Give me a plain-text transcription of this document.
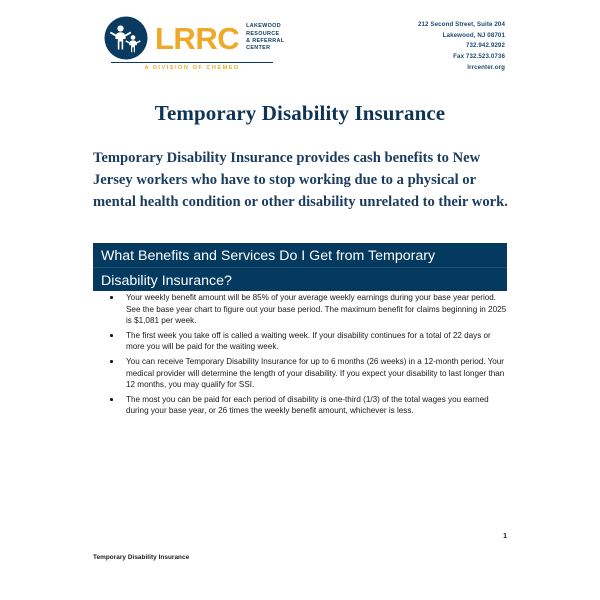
LRRC LAKEWOOD
RESOURCE
& REFERRAL
CENTER
A DIVISION OF CHEMED
212 Second Street, Suite 204
Lakewood, NJ 08701
732.942.9292
Fax 732.523.0736
lrrcenter.org
Temporary Disability Insurance
Temporary Disability Insurance provides cash benefits to New Jersey workers who have to stop working due to a physical or mental health condition or other disability unrelated to their work.
What Benefits and Services Do I Get from Temporary
Disability Insurance?
Your weekly benefit amount will be 85% of your average weekly earnings during your base year period. See the base year chart to figure out your base period. The maximum benefit for claims beginning in 2025 is $1,081 per week.
The first week you take off is called a waiting week. If your disability continues for a total of 22 days or more you will be paid for the waiting week.
You can receive Temporary Disability Insurance for up to 6 months (26 weeks) in a 12-month period. Your medical provider will determine the length of your disability. If you expect your disability to last longer than 12 months, you may qualify for SSI.
The most you can be paid for each period of disability is one-third (1/3) of the total wages you earned during your base year, or 26 times the weekly benefit amount, whichever is less.
1
Temporary Disability Insurance
